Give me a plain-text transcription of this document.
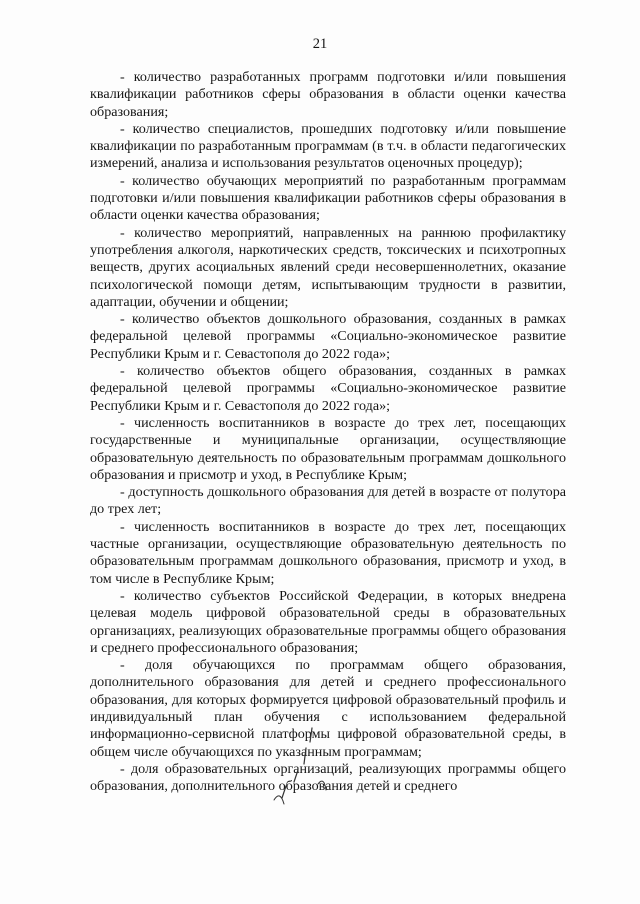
21

- количество разработанных программ подготовки и/или повышения квалификации работников сферы образования в области оценки качества образования;

- количество специалистов, прошедших подготовку и/или повышение квалификации по разработанным программам (в т.ч. в области педагогических измерений, анализа и использования результатов оценочных процедур);

- количество обучающих мероприятий по разработанным программам подготовки и/или повышения квалификации работников сферы образования в области оценки качества образования;

- количество мероприятий, направленных на раннюю профилактику употребления алкоголя, наркотических средств, токсических и психотропных веществ, других асоциальных явлений среди несовершеннолетних, оказание психологической помощи детям, испытывающим трудности в развитии, адаптации, обучении и общении;

- количество объектов дошкольного образования, созданных в рамках федеральной целевой программы «Социально-экономическое развитие Республики Крым и г. Севастополя до 2022 года»;

- количество объектов общего образования, созданных в рамках федеральной целевой программы «Социально-экономическое развитие Республики Крым и г. Севастополя до 2022 года»;

- численность воспитанников в возрасте до трех лет, посещающих государственные и муниципальные организации, осуществляющие образовательную деятельность по образовательным программам дошкольного образования и присмотр и уход, в Республике Крым;

- доступность дошкольного образования для детей в возрасте от полутора до трех лет;

- численность воспитанников в возрасте до трех лет, посещающих частные организации, осуществляющие образовательную деятельность по образовательным программам дошкольного образования, присмотр и уход, в том числе в Республике Крым;

- количество субъектов Российской Федерации, в которых внедрена целевая модель цифровой образовательной среды в образовательных организациях, реализующих образовательные программы общего образования и среднего профессионального образования;

- доля обучающихся по программам общего образования, дополнительного образования для детей и среднего профессионального образования, для которых формируется цифровой образовательный профиль и индивидуальный план обучения с использованием федеральной информационно-сервисной платформы цифровой образовательной среды, в общем числе обучающихся по указанным программам;

- доля образовательных организаций, реализующих программы общего образования, дополнительного образования детей и среднего
